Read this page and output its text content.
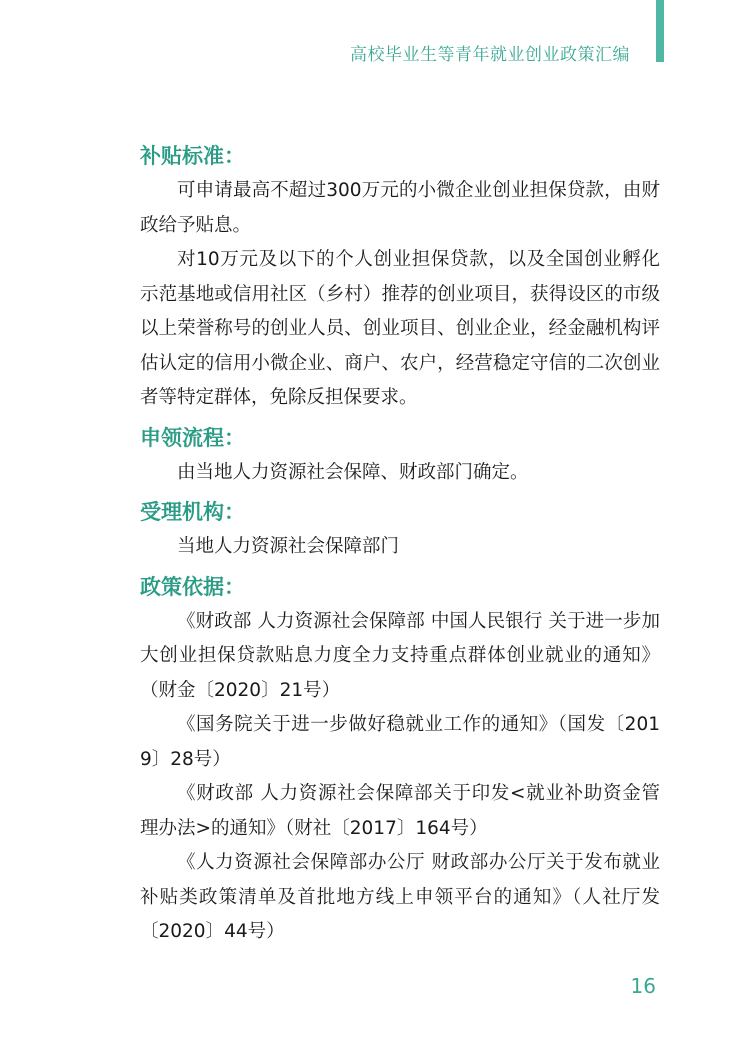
高校毕业生等青年就业创业政策汇编
补贴标准：

可申请最高不超过300万元的小微企业创业担保贷款，由财政给予贴息。

对10万元及以下的个人创业担保贷款，以及全国创业孵化示范基地或信用社区（乡村）推荐的创业项目，获得设区的市级以上荣誉称号的创业人员、创业项目、创业企业，经金融机构评估认定的信用小微企业、商户、农户，经营稳定守信的二次创业者等特定群体，免除反担保要求。

申领流程：

由当地人力资源社会保障、财政部门确定。

受理机构：

当地人力资源社会保障部门

政策依据：

《财政部 人力资源社会保障部 中国人民银行 关于进一步加大创业担保贷款贴息力度全力支持重点群体创业就业的通知》（财金〔2020〕21号）

《国务院关于进一步做好稳就业工作的通知》（国发〔2019〕28号）

《财政部 人力资源社会保障部关于印发<就业补助资金管理办法>的通知》（财社〔2017〕164号）

《人力资源社会保障部办公厅 财政部办公厅关于发布就业补贴类政策清单及首批地方线上申领平台的通知》（人社厅发〔2020〕44号）

16
